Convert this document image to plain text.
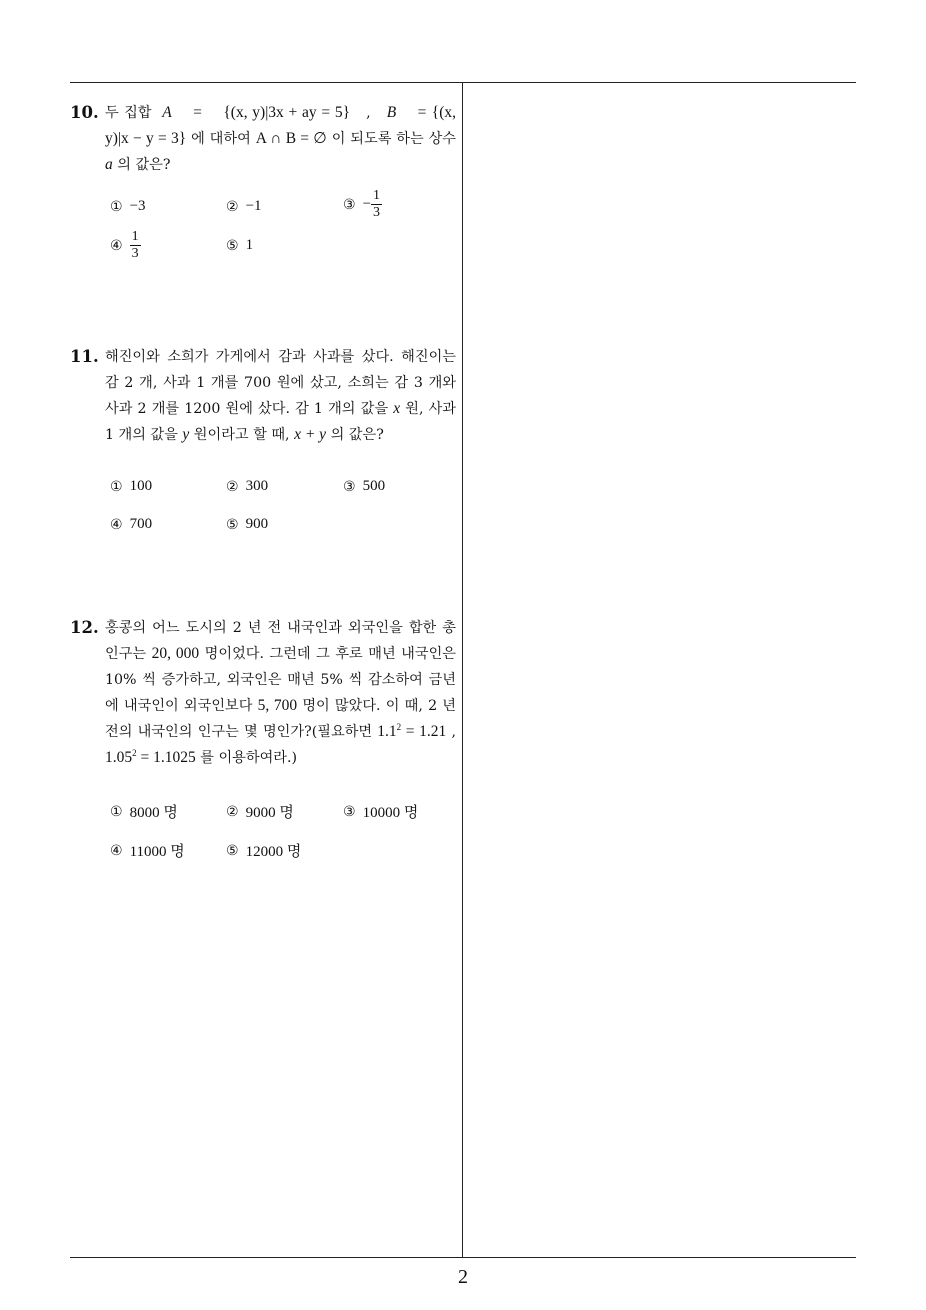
10. 두 집합 A = {(x, y)|3x + ay = 5} , B = {(x, y)|x − y = 3} 에 대하여 A ∩ B = ∅ 이 되도록 하는 상수 a 의 값은?
① −3	② −1	③ − $\frac{1}{3}$
④ $\frac{1}{3}$	⑤ 1
11. 해진이와 소희가 가게에서 감과 사과를 샀다. 해진이는 감 2 개, 사과 1 개를 700 원에 샀고, 소희는 감 3 개와 사과 2 개를 1200 원에 샀다. 감 1 개의 값을 x 원, 사과 1 개의 값을 y 원이라고 할 때, x + y 의 값은?
① 100	② 300	③ 500
④ 700	⑤ 900
12. 홍콩의 어느 도시의 2 년 전 내국인과 외국인을 합한 총 인구는 20, 000 명이었다. 그런데 그 후로 매년 내국인은 10% 씩 증가하고, 외국인은 매년 5% 씩 감소하여 금년에 내국인이 외국인보다 5, 700 명이 많았다. 이 때, 2 년 전의 내국인의 인구는 몇 명인가?(필요하면 $1.1^2 = 1.21$ , $1.05^2 = 1.1025$ 를 이용하여라.)
① 8000 명	② 9000 명	③ 10000 명
④ 11000 명	⑤ 12000 명
2
